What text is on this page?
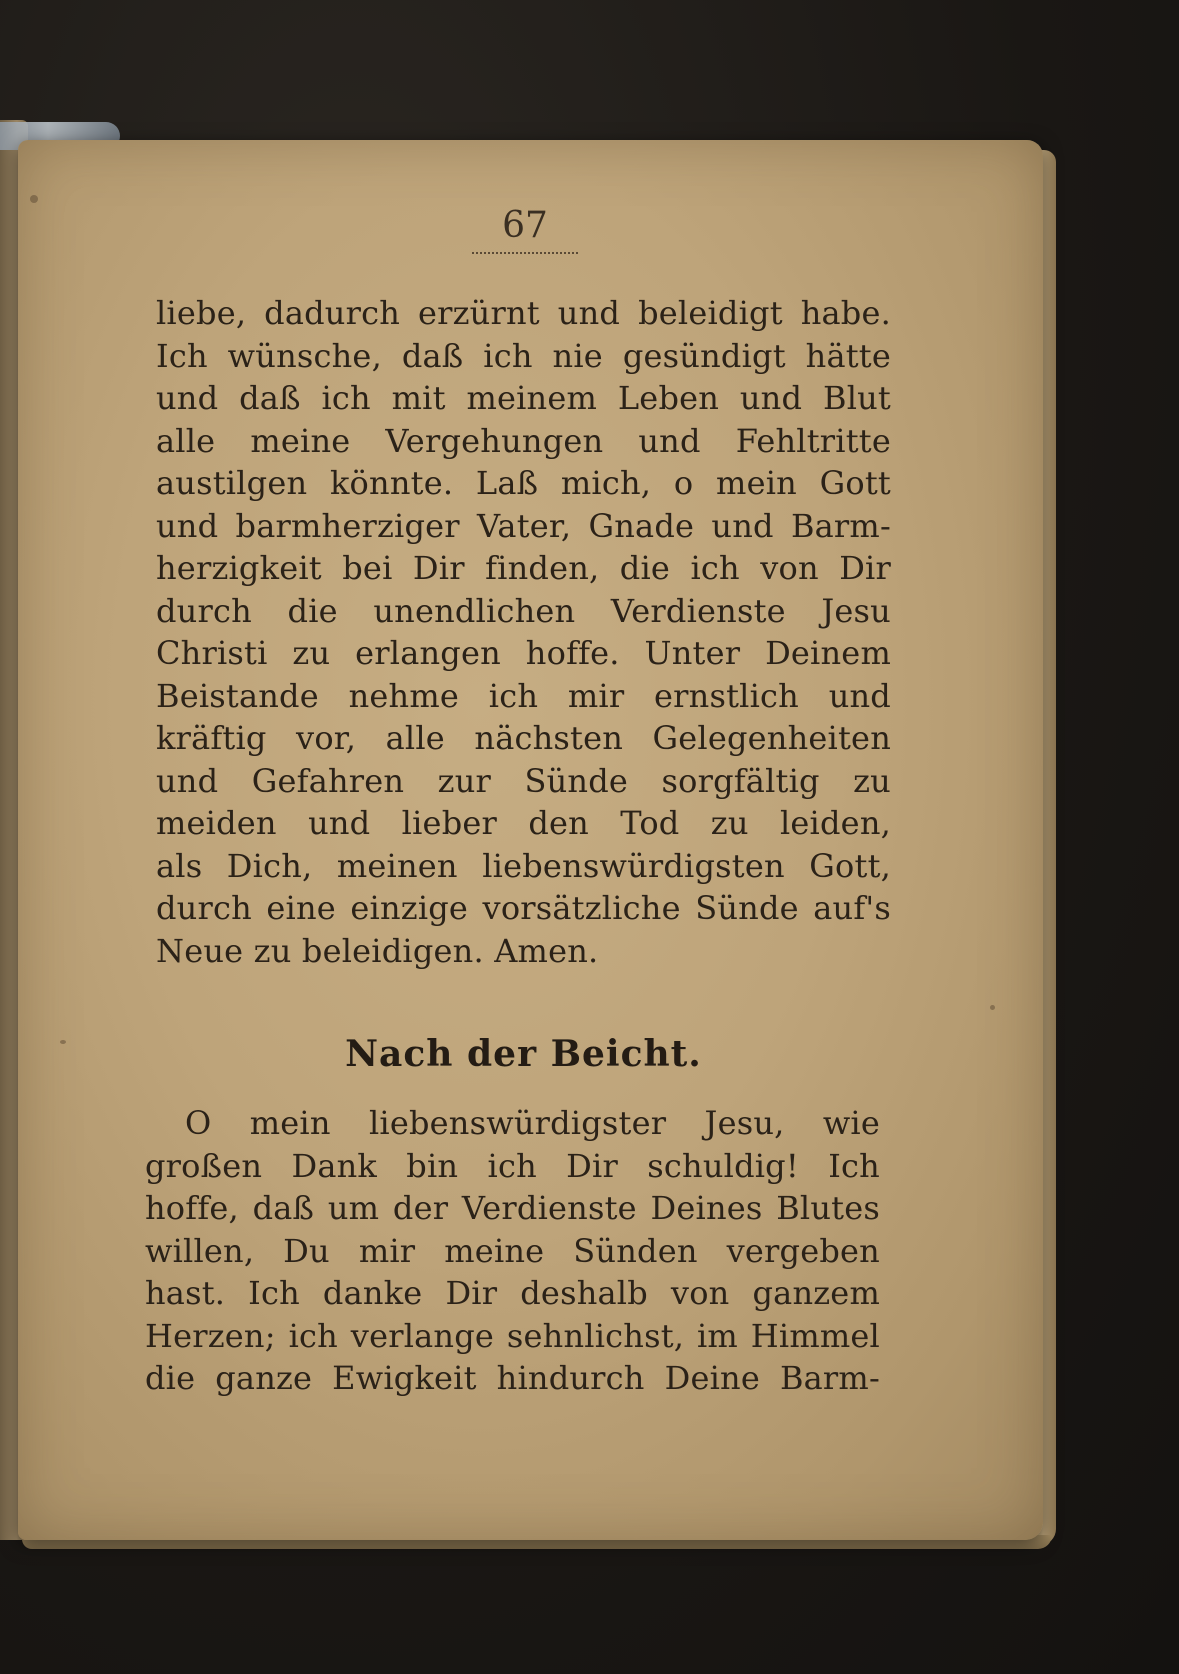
67
liebe, dadurch erzürnt und beleidigt habe.
Ich wünsche, daß ich nie gesündigt hätte
und daß ich mit meinem Leben und Blut
alle meine Vergehungen und Fehltritte
austilgen könnte. Laß mich, o mein Gott
und barmherziger Vater, Gnade und Barm-
herzigkeit bei Dir finden, die ich von Dir
durch die unendlichen Verdienste Jesu
Christi zu erlangen hoffe. Unter Deinem
Beistande nehme ich mir ernstlich und
kräftig vor, alle nächsten Gelegenheiten
und Gefahren zur Sünde sorgfältig zu
meiden und lieber den Tod zu leiden,
als Dich, meinen liebenswürdigsten Gott,
durch eine einzige vorsätzliche Sünde auf's
Neue zu beleidigen. Amen.
Nach der Beicht.
O mein liebenswürdigster Jesu, wie
großen Dank bin ich Dir schuldig! Ich
hoffe, daß um der Verdienste Deines Blutes
willen, Du mir meine Sünden vergeben
hast. Ich danke Dir deshalb von ganzem
Herzen; ich verlange sehnlichst, im Himmel
die ganze Ewigkeit hindurch Deine Barm-
